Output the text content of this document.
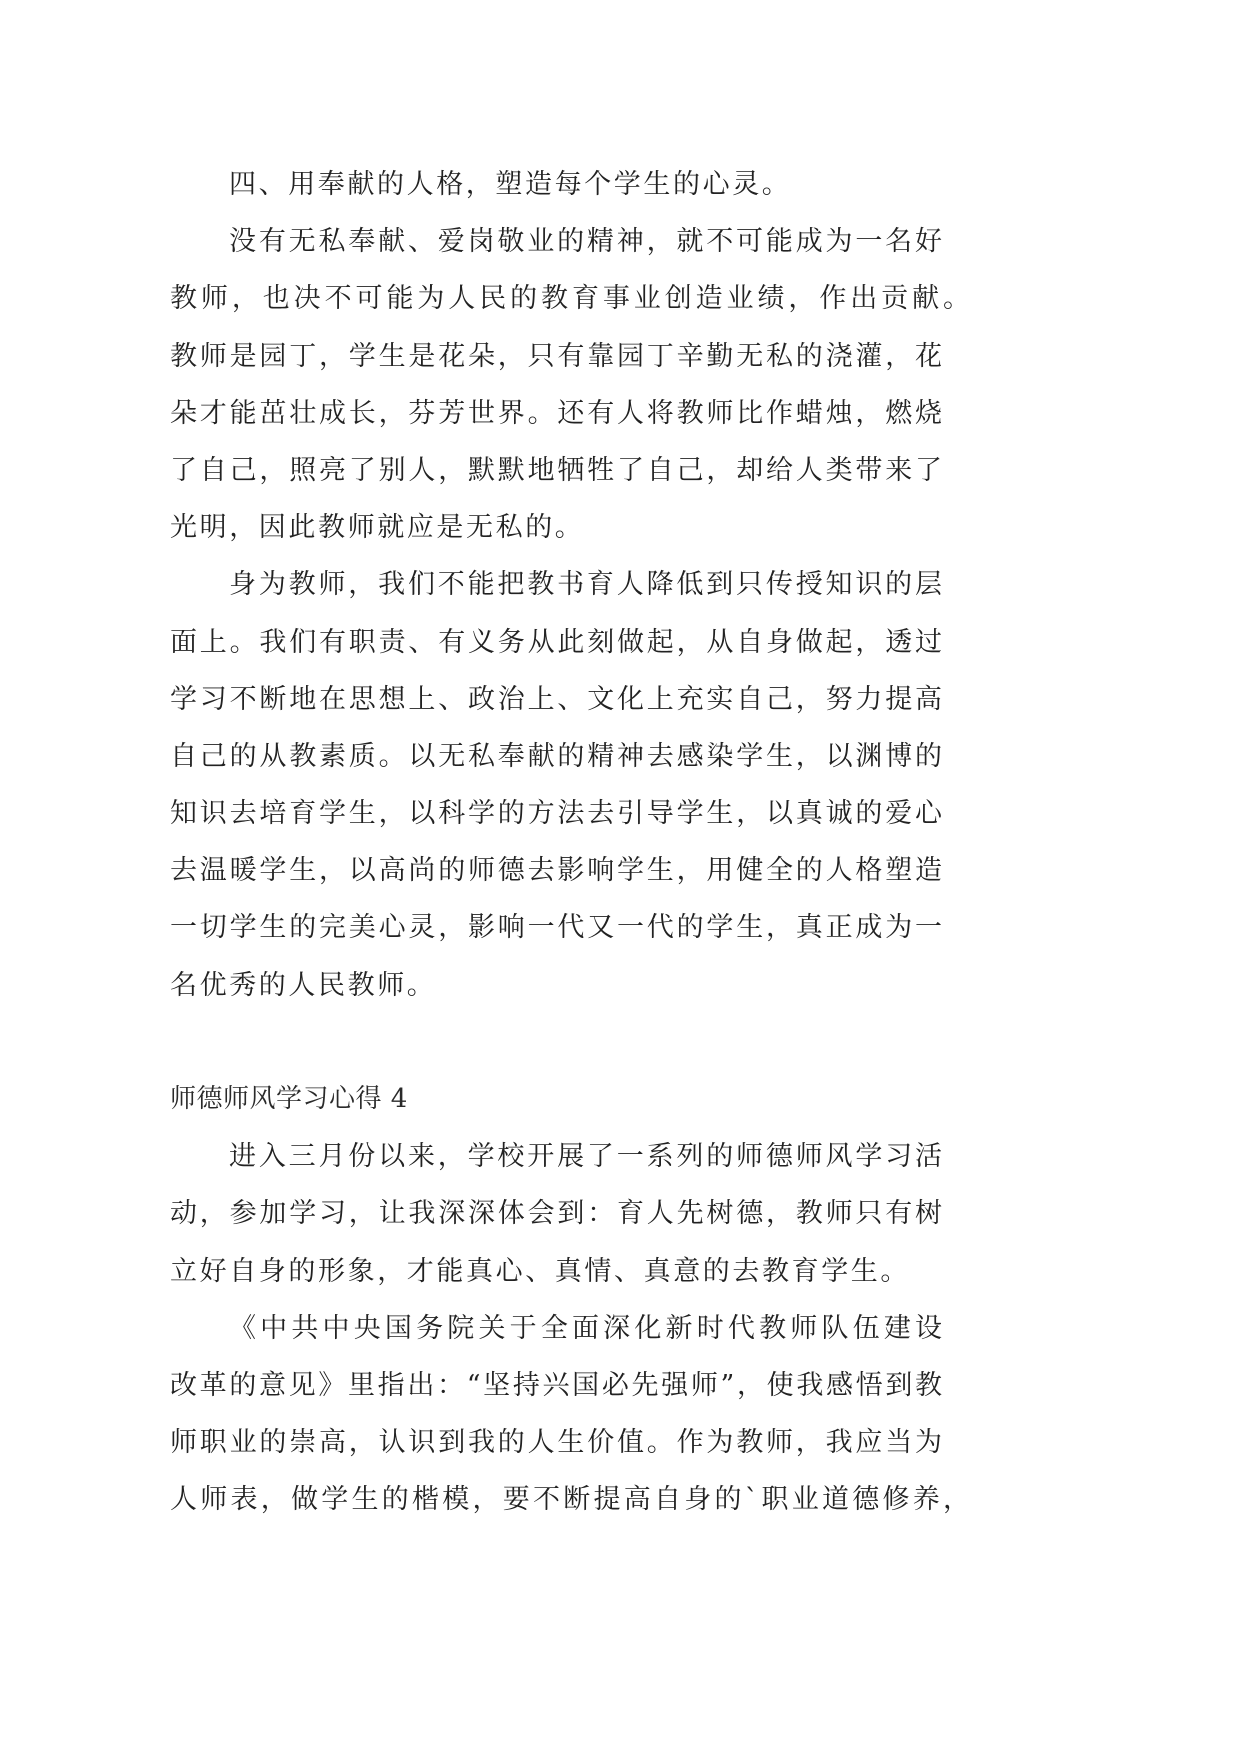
四、用奉献的人格，塑造每个学生的心灵。
没有无私奉献、爱岗敬业的精神，就不可能成为一名好
教师，也决不可能为人民的教育事业创造业绩，作出贡献。
教师是园丁，学生是花朵，只有靠园丁辛勤无私的浇灌，花
朵才能茁壮成长，芬芳世界。还有人将教师比作蜡烛，燃烧
了自己，照亮了别人，默默地牺牲了自己，却给人类带来了
光明，因此教师就应是无私的。
身为教师，我们不能把教书育人降低到只传授知识的层
面上。我们有职责、有义务从此刻做起，从自身做起，透过
学习不断地在思想上、政治上、文化上充实自己，努力提高
自己的从教素质。以无私奉献的精神去感染学生，以渊博的
知识去培育学生，以科学的方法去引导学生，以真诚的爱心
去温暖学生，以高尚的师德去影响学生，用健全的人格塑造
一切学生的完美心灵，影响一代又一代的学生，真正成为一
名优秀的人民教师。
师德师风学习心得 4
进入三月份以来，学校开展了一系列的师德师风学习活
动，参加学习，让我深深体会到：育人先树德，教师只有树
立好自身的形象，才能真心、真情、真意的去教育学生。
《中共中央国务院关于全面深化新时代教师队伍建设
改革的意见》里指出：“坚持兴国必先强师”，使我感悟到教
师职业的崇高，认识到我的人生价值。作为教师，我应当为
人师表，做学生的楷模，要不断提高自身的`职业道德修养，
